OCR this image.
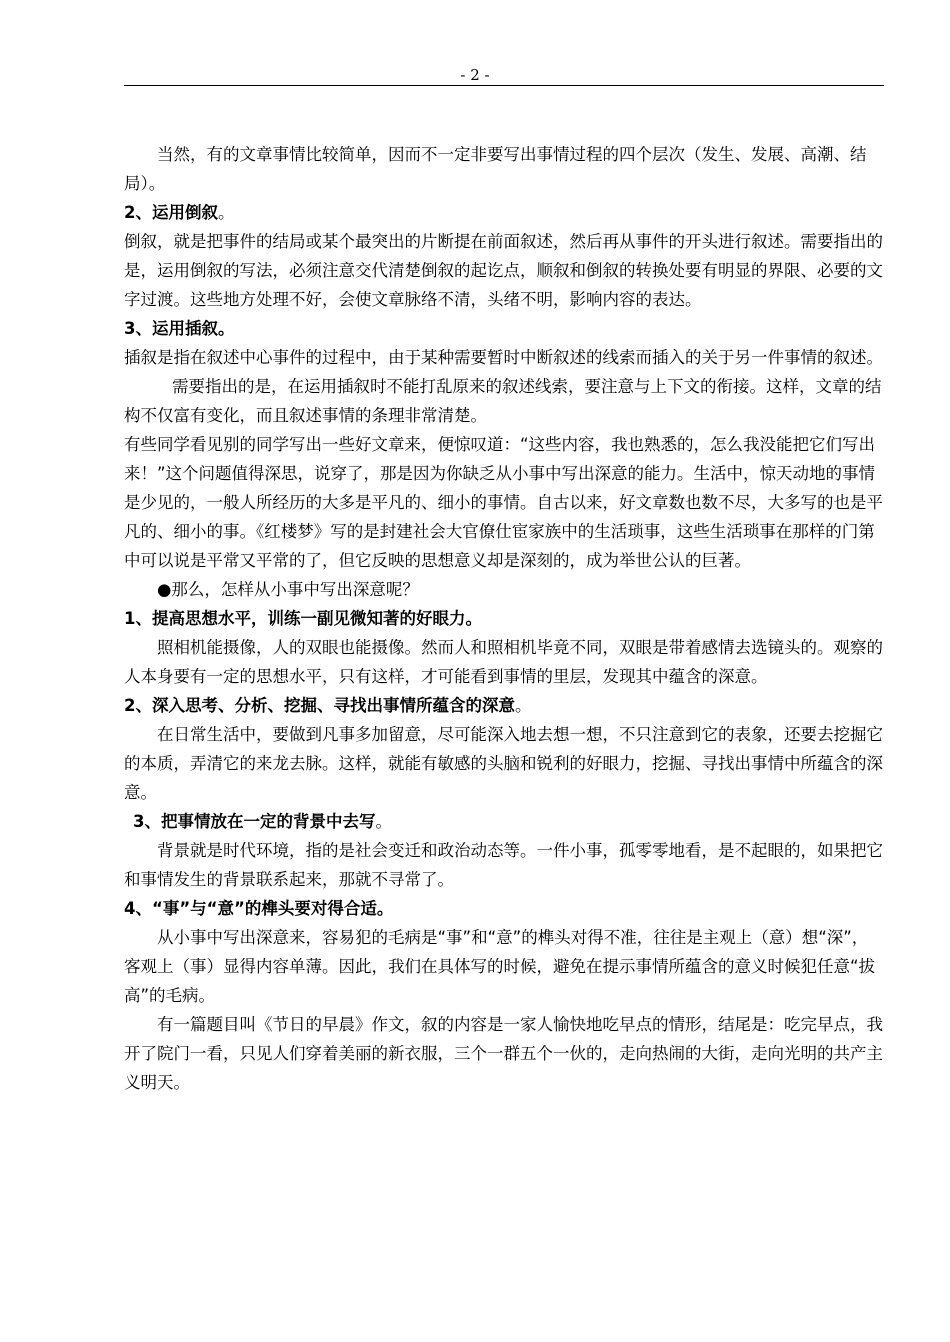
- 2 -

当然，有的文章事情比较简单，因而不一定非要写出事情过程的四个层次（发生、发展、高潮、结局）。

2、运用倒叙。

倒叙，就是把事件的结局或某个最突出的片断提在前面叙述，然后再从事件的开头进行叙述。需要指出的是，运用倒叙的写法，必须注意交代清楚倒叙的起讫点，顺叙和倒叙的转换处要有明显的界限、必要的文字过渡。这些地方处理不好，会使文章脉络不清，头绪不明，影响内容的表达。

3、运用插叙。

插叙是指在叙述中心事件的过程中，由于某种需要暂时中断叙述的线索而插入的关于另一件事情的叙述。

需要指出的是，在运用插叙时不能打乱原来的叙述线索，要注意与上下文的衔接。这样，文章的结构不仅富有变化，而且叙述事情的条理非常清楚。

有些同学看见别的同学写出一些好文章来，便惊叹道：“这些内容，我也熟悉的，怎么我没能把它们写出来！”这个问题值得深思，说穿了，那是因为你缺乏从小事中写出深意的能力。生活中，惊天动地的事情是少见的，一般人所经历的大多是平凡的、细小的事情。自古以来，好文章数也数不尽，大多写的也是平凡的、细小的事。《红楼梦》写的是封建社会大官僚仕宦家族中的生活琐事，这些生活琐事在那样的门第中可以说是平常又平常的了，但它反映的思想意义却是深刻的，成为举世公认的巨著。

●那么，怎样从小事中写出深意呢？

1、提高思想水平，训练一副见微知著的好眼力。

照相机能摄像，人的双眼也能摄像。然而人和照相机毕竟不同，双眼是带着感情去选镜头的。观察的人本身要有一定的思想水平，只有这样，才可能看到事情的里层，发现其中蕴含的深意。

2、深入思考、分析、挖掘、寻找出事情所蕴含的深意。

在日常生活中，要做到凡事多加留意，尽可能深入地去想一想，不只注意到它的表象，还要去挖掘它的本质，弄清它的来龙去脉。这样，就能有敏感的头脑和锐利的好眼力，挖掘、寻找出事情中所蕴含的深意。

3、把事情放在一定的背景中去写。

背景就是时代环境，指的是社会变迁和政治动态等。一件小事，孤零零地看，是不起眼的，如果把它和事情发生的背景联系起来，那就不寻常了。

4、“事”与“意”的榫头要对得合适。

从小事中写出深意来，容易犯的毛病是“事”和“意”的榫头对得不准，往往是主观上（意）想“深”，客观上（事）显得内容单薄。因此，我们在具体写的时候，避免在提示事情所蕴含的意义时候犯任意“拔高”的毛病。

有一篇题目叫《节日的早晨》作文，叙的内容是一家人愉快地吃早点的情形，结尾是：吃完早点，我开了院门一看，只见人们穿着美丽的新衣服，三个一群五个一伙的，走向热闹的大街，走向光明的共产主义明天。
